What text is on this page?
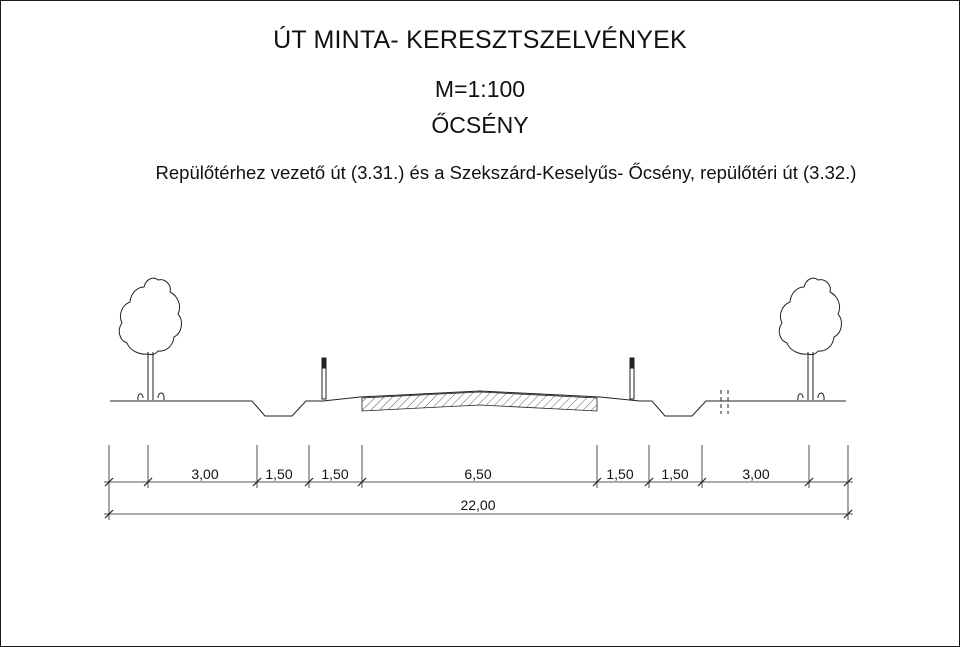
ÚT MINTA- KERESZTSZELVÉNYEK
M=1:100
ŐCSÉNY
Repülőtérhez vezető út (3.31.) és a Szekszárd-Keselyűs- Őcsény, repülőtéri út (3.32.)
3,00	1,50 1,50	6,50	1,50 1,50	3,00
22,00
